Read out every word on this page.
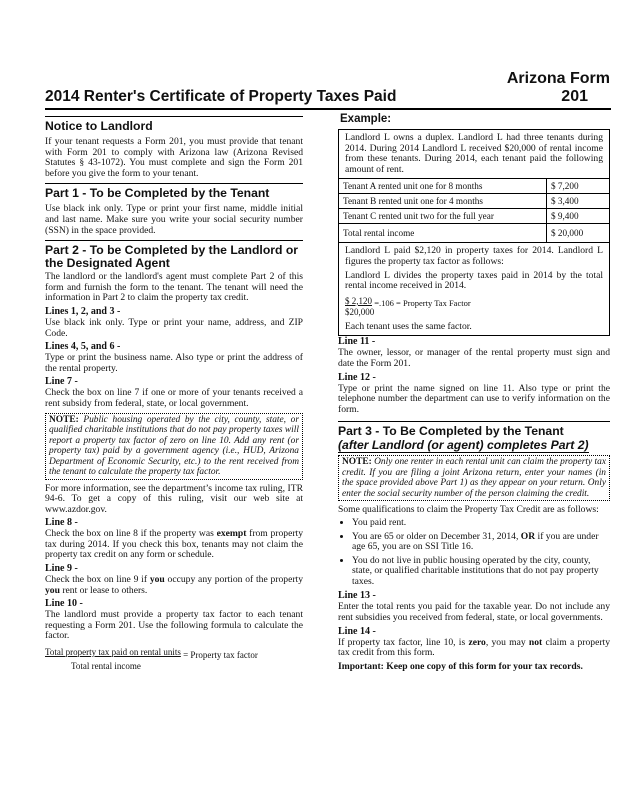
Arizona Form
201
2014 Renter's Certificate of Property Taxes Paid
Notice to Landlord

If your tenant requests a Form 201, you must provide that tenant with Form 201 to comply with Arizona law (Arizona Revised Statutes § 43-1072). You must complete and sign the Form 201 before you give the form to your tenant.

Part 1 - To be Completed by the Tenant

Use black ink only. Type or print your first name, middle initial and last name. Make sure you write your social security number (SSN) in the space provided.

Part 2 - To be Completed by the Landlord or the Designated Agent

The landlord or the landlord's agent must complete Part 2 of this form and furnish the form to the tenant. The tenant will need the information in Part 2 to claim the property tax credit.

Lines 1, 2, and 3 -

Use black ink only. Type or print your name, address, and ZIP Code.

Lines 4, 5, and 6 -

Type or print the business name. Also type or print the address of the rental property.

Line 7 -

Check the box on line 7 if one or more of your tenants received a rent subsidy from federal, state, or local government.

NOTE: Public housing operated by the city, county, state, or qualified charitable institutions that do not pay property taxes will report a property tax factor of zero on line 10. Add any rent (or property tax) paid by a government agency (i.e., HUD, Arizona Department of Economic Security, etc.) to the rent received from the tenant to calculate the property tax factor.

For more information, see the department’s income tax ruling, ITR 94-6. To get a copy of this ruling, visit our web site at www.azdor.gov.

Line 8 -

Check the box on line 8 if the property was exempt from property tax during 2014. If you check this box, tenants may not claim the property tax credit on any form or schedule.

Line 9 -

Check the box on line 9 if you occupy any portion of the property you rent or lease to others.

Line 10 -

The landlord must provide a property tax factor to each tenant requesting a Form 201. Use the following formula to calculate the factor.

Total property tax paid on rental units = Property tax factor
Total rental income
Example:

Landlord L owns a duplex. Landlord L had three tenants during 2014. During 2014 Landlord L received $20,000 of rental income from these tenants. During 2014, each tenant paid the following amount of rent.

Tenant A rented unit one for 8 months	$ 7,200
Tenant B rented unit one for 4 months	$ 3,400
Tenant C rented unit two for the full year	$ 9,400
Total rental income	$ 20,000

Landlord L paid $2,120 in property taxes for 2014. Landlord L figures the property tax factor as follows:

Landlord L divides the property taxes paid in 2014 by the total rental income received in 2014.

$ 2,120 =.106 = Property Tax Factor
$20,000

Each tenant uses the same factor.

Line 11 -

The owner, lessor, or manager of the rental property must sign and date the Form 201.

Line 12 -

Type or print the name signed on line 11. Also type or print the telephone number the department can use to verify information on the form.

Part 3 - To Be Completed by the Tenant
(after Landlord (or agent) completes Part 2)
NOTE: Only one renter in each rental unit can claim the property tax credit. If you are filing a joint Arizona return, enter your names (in the space provided above Part 1) as they appear on your return. Only enter the social security number of the person claiming the credit.

Some qualifications to claim the Property Tax Credit are as follows:

• You paid rent.
• You are 65 or older on December 31, 2014, OR if you are under age 65, you are on SSI Title 16.
• You do not live in public housing operated by the city, county, state, or qualified charitable institutions that do not pay property taxes.
Line 13 -

Enter the total rents you paid for the taxable year. Do not include any rent subsidies you received from federal, state, or local governments.

Line 14 -

If property tax factor, line 10, is zero, you may not claim a property tax credit from this form.

Important: Keep one copy of this form for your tax records.
